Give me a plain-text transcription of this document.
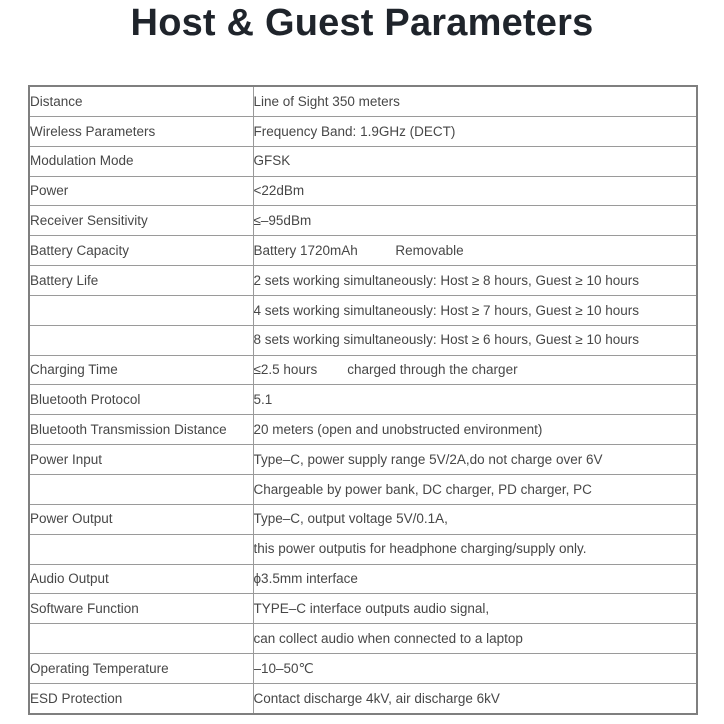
Host & Guest Parameters
Distance	Line of Sight 350 meters
Wireless Parameters	Frequency Band: 1.9GHz (DECT)
Modulation Mode	GFSK
Power	<22dBm
Receiver Sensitivity	≤–95dBm
Battery Capacity	Battery 1720mAh          Removable
Battery Life	2 sets working simultaneously: Host ≥ 8 hours, Guest ≥ 10 hours
	4 sets working simultaneously: Host ≥ 7 hours, Guest ≥ 10 hours
	8 sets working simultaneously: Host ≥ 6 hours, Guest ≥ 10 hours
Charging Time	≤2.5 hours        charged through the charger
Bluetooth Protocol	5.1
Bluetooth Transmission Distance	20 meters (open and unobstructed environment)
Power Input	Type–C, power supply range 5V/2A,do not charge over 6V
	Chargeable by power bank, DC charger, PD charger, PC
Power Output	Type–C, output voltage 5V/0.1A,
	this power outputis for headphone charging/supply only.
Audio Output	ϕ3.5mm interface
Software Function	TYPE–C interface outputs audio signal,
	can collect audio when connected to a laptop
Operating Temperature	–10–50℃
ESD Protection	Contact discharge 4kV, air discharge 6kV
